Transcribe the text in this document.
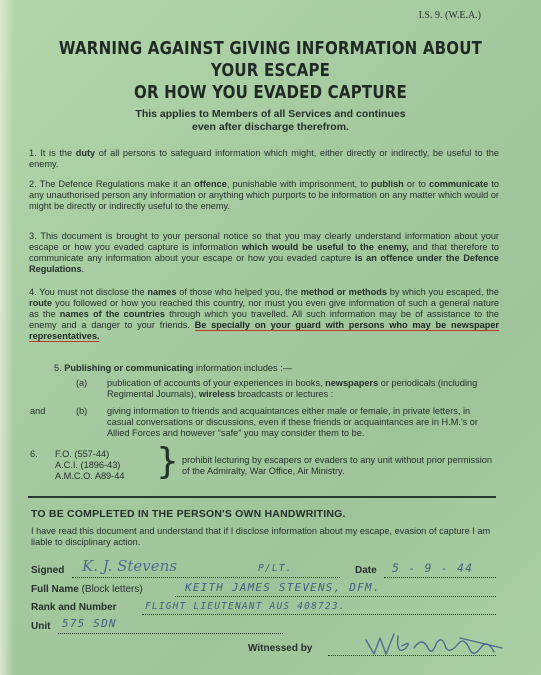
I.S. 9. (W.E.A.)
WARNING AGAINST GIVING INFORMATION ABOUT YOUR ESCAPE
OR HOW YOU EVADED CAPTURE
This applies to Members of all Services and continues
even after discharge therefrom.
1. It is the duty of all persons to safeguard information which might, either directly or indirectly, be useful to the enemy.
2. The Defence Regulations make it an offence, punishable with imprisonment, to publish or to communicate to any unauthorised person any information or anything which purports to be information on any matter which would or might be directly or indirectly useful to the enemy.
3. This document is brought to your personal notice so that you may clearly understand information about your escape or how you evaded capture is information which would be useful to the enemy, and that therefore to communicate any information about your escape or how you evaded capture is an offence under the Defence Regulations.
4. You must not disclose the names of those who helped you, the method or methods by which you escaped, the route you followed or how you reached this country, nor must you even give information of such a general nature as the names of the countries through which you travelled. All such information may be of assistance to the enemy and a danger to your friends. Be specially on your guard with persons who may be newspaper representatives.
5. Publishing or communicating information includes :—
(a) publication of accounts of your experiences in books, newspapers or periodicals (including Regimental Journals), wireless broadcasts or lectures :
and	(b) giving information to friends and acquaintances either male or female, in private letters, in casual conversations or discussions, even if these friends or acquaintances are in H.M.'s or Allied Forces and however “safe” you may consider them to be.
6. F.O. (557-44)
A.C.I. (1896-43)
A.M.C.O. A89-44 } prohibit lecturing by escapers or evaders to any unit without prior permission of the Admiralty, War Office, Air Ministry.
TO BE COMPLETED IN THE PERSON'S OWN HANDWRITING.
I have read this document and understand that if I disclose information about my escape, evasion of capture I am liable to disciplinary action.
Signed K. J. Stevens	P/LT.	Date 5 - 9 - 44
Full Name (Block letters)	KEITH JAMES STEVENS, DFM.
Rank and Number	FLIGHT LIEUTENANT AUS 408723.
Unit 575 SDN
Witnessed by
